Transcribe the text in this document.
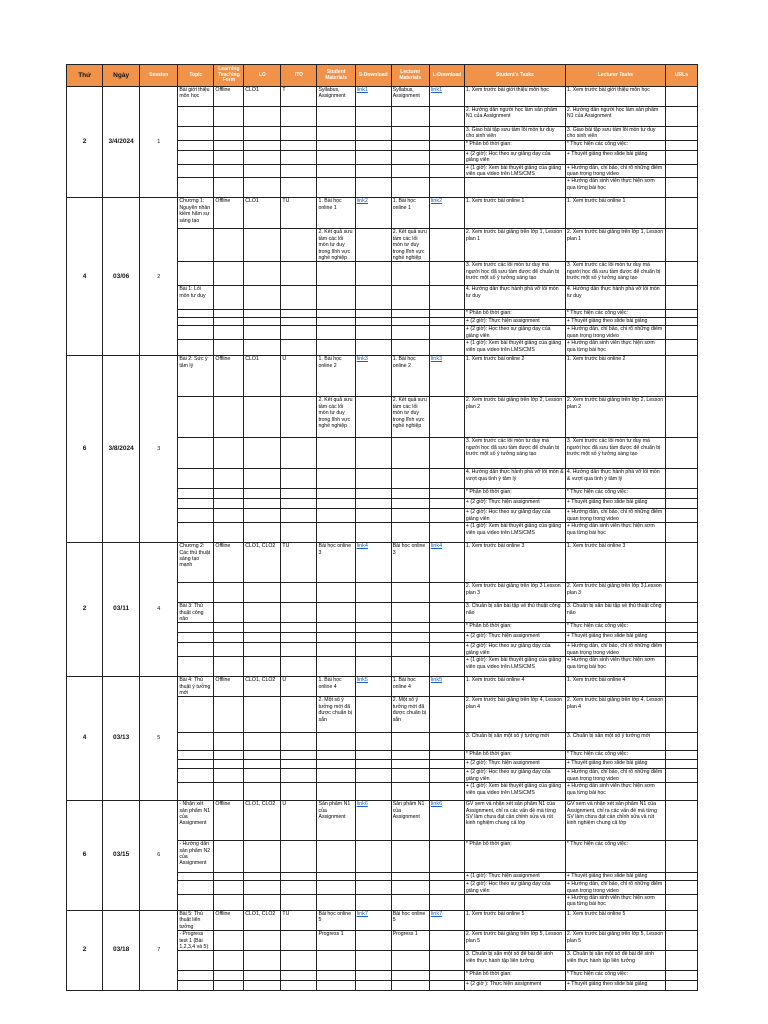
Thứ	Ngày	Session	Topic	Learning Teaching Form	LO	ITO	Student Materials	S-Download	Lecturer Materials	L-Download	Student's Tasks	Lecturer Tasks	URLs
2	3/4/2024	1	Bài giới thiệu môn học	Offline	CLO1	T	Syllabus, Assignment	link1	Syllabus, Assignment	link1	1. Xem trước bài giới thiệu môn học	1. Xem trước bài giới thiệu môn học	
											2. Hướng dẫn người học làm sản phẩm N1 của Assignment	2. Hướng dẫn người học làm sản phẩm N1 của Assignment	
											3. Giao bài tập sưu tầm lỗi mòn tư duy cho sinh viên	3. Giao bài tập sưu tầm lỗi mòn tư duy cho sinh viên	
											* Phân bổ thời gian:	* Thực hiện các công việc:	
											+ (2 giờ): Học theo sự giảng dạy của giảng viên	+ Thuyết giảng theo slide bài giảng	
											+ (1 giờ): Xem bài thuyết giảng của giảng viên qua video trên LMS/CMS	+ Hướng dẫn, chỉ bảo, chỉ rõ những điểm quan trọng trong video	
												+ Hướng dẫn sinh viên thực hiện sơm qua từng bài học	
4	03/06	2	Chương 1: Nguyên nhân kiềm hãm sự sáng tạo	Offline	CLO1	TU	1. Bài học online 1	link2	1. Bài học online 1	link2	1. Xem trước bài online 1	1. Xem trước bài online 1	
							2. Kết quả sưu tầm các lối mòn tư duy trong lĩnh vực nghề nghiệp		2. Kết quả sưu tầm các lối mòn tư duy trong lĩnh vực nghề nghiệp		2. Xem trước bài giảng trên lớp 1, Lesson plan 1	2. Xem trước bài giảng trên lớp 1, Lesson plan 1	
											3. Xem trước các lối mòn tư duy mà người học đã sưu tầm được để chuẩn bị trước một số ý tưởng sáng tạo	3. Xem trước các lối mòn tư duy mà người học đã sưu tầm được để chuẩn bị trước một số ý tưởng sáng tạo	
			Bài 1: Lối mòn tư duy								4. Hướng dẫn thực hành phá vỡ lối mòn tư duy	4. Hướng dẫn thực hành phá vỡ lối mòn tư duy	
											* Phân bổ thời gian:	* Thực hiện các công việc:	
											+ (2 giờ): Thực hiện assignment	+ Thuyết giảng theo slide bài giảng	
											+ (2 giờ): Học theo sự giảng dạy của giảng viên	+ Hướng dẫn, chỉ bảo, chỉ rõ những điểm quan trọng trong video	
											+ (1 giờ): Xem bài thuyết giảng của giảng viên qua video trên LMS/CMS	+ Hướng dẫn sinh viên thực hiện sơm qua từng bài học	
6	3/8/2024	3	Bài 2: Sức ỳ tâm lý	Offline	CLO1	U	1. Bài học online 2	link3	1. Bài học online 2	link3	1. Xem trước bài online 2	1. Xem trước bài online 2	
							2. Kết quả sưu tầm các lối mòn tư duy trong lĩnh vực nghề nghiệp		2. Kết quả sưu tầm các lối mòn tư duy trong lĩnh vực nghề nghiệp		2. Xem trước bài giảng trên lớp 2, Lesson plan 2	2. Xem trước bài giảng trên lớp 2, Lesson plan 2	
											3. Xem trước các lối mòn tư duy mà người học đã sưu tầm được để chuẩn bị trước một số ý tưởng sáng tạo	3. Xem trước các lối mòn tư duy mà người học đã sưu tầm được để chuẩn bị trước một số ý tưởng sáng tạo	
											4. Hướng dẫn thực hành phá vỡ lối mòn & vượt qua tình ỳ tâm lý	4. Hướng dẫn thực hành phá vỡ lối mòn & vượt qua tình ỳ tâm lý	
											* Phân bổ thời gian:	* Thực hiện các công việc:	
											+ (2 giờ): Thực hiện assignment	+ Thuyết giảng theo slide bài giảng	
											+ (2 giờ): Học theo sự giảng dạy của giảng viên	+ Hướng dẫn, chỉ bảo, chỉ rõ những điểm quan trọng trong video	
											+ (1 giờ): Xem bài thuyết giảng của giảng viên qua video trên LMS/CMS	+ Hướng dẫn sinh viên thực hiện sơm qua từng bài học	
2	03/11	4	Chương 2: Các thủ thuật sáng tạo mạnh	Offline	CLO1, CLO2	TU	Bài học online 3	link4	Bài học online 3	link4	1. Xem trước bài online 3	1. Xem trước bài online 3	
											2. Xem trước bài giảng trên lớp 3 Lesson plan 3	2. Xem trước bài giảng trên lớp 3,Lesson plan 3	
			Bài 3: Thủ thuật công năo								3. Chuẩn bị sẵn bài tập về thủ thuật công não	3. Chuẩn bị sẵn bài tập về thủ thuật công não	
											* Phân bổ thời gian:	* Thực hiện các công việc:	
											+ (2 giờ): Thực hiện assignment	+ Thuyết giảng theo slide bài giảng	
											+ (2 giờ): Học theo sự giảng dạy của giảng viên	+ Hướng dẫn, chỉ bảo, chỉ rõ những điểm quan trọng trong video	
											+ (1 giờ): Xem bài thuyết giảng của giảng viên qua video trên LMS/CMS	+ Hướng dẫn sinh viên thực hiện sơm qua từng bài học	
4	03/13	5	Bài 4: Thủ thuật ý tưởng mới	Offline	CLO1, CLO2	U	1. Bài học online 4	link5	1. Bài học online 4	link5	1. Xem trước bài online 4	1. Xem trước bài online 4	
							2. Một số ý tưởng mới đã được chuẩn bị sẵn		2. Một số ý tưởng mới đã được chuẩn bị sẵn		2. Xem trước bài giảng trên lớp 4, Lesson plan 4	2. Xem trước bài giảng trên lớp 4, Lesson plan 4	
											3. Chuẩn bị sẵn một số ý tưởng mới	3. Chuẩn bị sẵn một số ý tưởng mới	
											* Phân bổ thời gian:	* Thực hiện các công việc:	
											+ (2 giờ): Thực hiện assignment	+ Thuyết giảng theo slide bài giảng	
											+ (2 giờ): Học theo sự giảng dạy của giảng viên	+ Hướng dẫn, chỉ bảo, chỉ rõ những điểm quan trọng trong video	
											+ (1 giờ): Xem bài thuyết giảng của giảng viên qua video trên LMS/CMS	+ Hướng dẫn sinh viên thực hiện sơm qua từng bài học	
6	03/15	6	- Nhận xét sản phẩm N1 của Assignment	Offline	CLO1, CLO2	U	Sản phẩm N1 của Assignment	link6	Sản phẩm N1 của Assignment	link6	GV xem và nhận xét sản phẩm N1 của Assignment, chỉ ra các vấn đề mà từng SV làm chưa đạt cần chỉnh sửa và rút kinh nghiệm chung cả lớp	GV xem và nhận xét sản phẩm N1 của Assignment, chỉ ra các vấn đề mà từng SV làm chưa đạt cần chỉnh sửa và rút kinh nghiệm chung cả lớp	
			- Hướng dẫn sản phẩm N2 của Assignment								* Phân bổ thời gian:	* Thực hiện các công việc:	
											+ (1 giờ): Thực hiện assignment	+ Thuyết giảng theo slide bài giảng	
											+ (2 giờ): Học theo sự giảng dạy của giảng viên	+ Hướng dẫn, chỉ bảo, chỉ rõ những điểm quan trọng trong video	
												+ Hướng dẫn sinh viên thực hiện sơm qua từng bài học	
2	03/18	7	Bài 5: Thủ thuật liên tưởng	Offline	CLO1, CLO2	TU	Bài học online 5	link7	Bài học online 5	link7	1. Xem trước bài online 5	1. Xem trước bài online 5	
			- Progress test 1 (Bài 1,2,3,4 và 5)				Progress 1		Progress 1		2. Xem trước bài giảng trên lớp 5, Lesson plan 5	2. Xem trước bài giảng trên lớp 5, Lesson plan 5	
											3. Chuẩn bị sẵn một số đề bài để sinh viên thực hành tập liên tưởng	3. Chuẩn bị sẵn một số đề bài để sinh viên thực hành tập liên tưởng	
											* Phân bổ thời gian:	* Thực hiện các công việc:	
											+ (2 giờ ): Thực hiện assignment	+ Thuyết giảng theo slide bài giảng	
